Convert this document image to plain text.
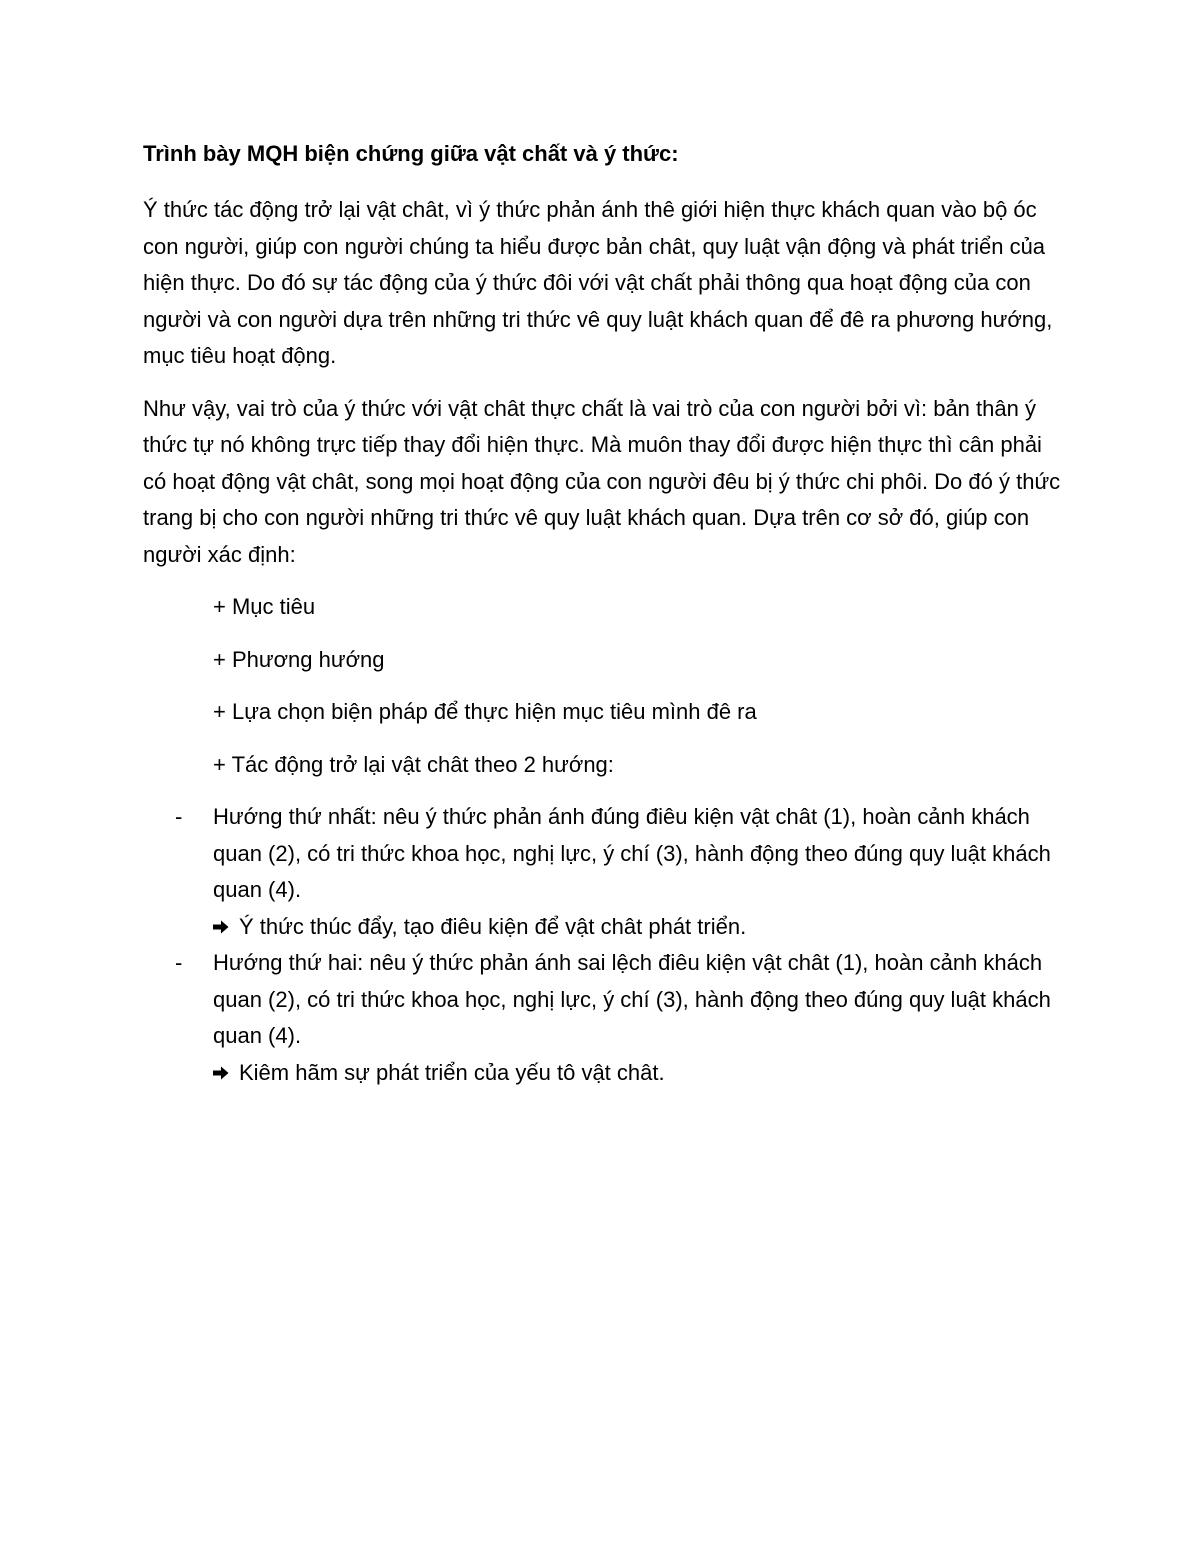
Trình bày MQH biện chứng giữa vật chất và ý thức:

Ý thức tác động trở lại vật chât, vì ý thức phản ánh thê giới hiện thực khách quan vào bộ óc con người, giúp con người chúng ta hiểu được bản chât, quy luật vận động và phát triển của hiện thực. Do đó sự tác động của ý thức đôi với vật chất phải thông qua hoạt động của con người và con người dựa trên những tri thức vê quy luật khách quan để đê ra phương hướng, mục tiêu hoạt động.

Như vậy, vai trò của ý thức với vật chât thực chất là vai trò của con người bởi vì: bản thân ý thức tự nó không trực tiếp thay đổi hiện thực. Mà muôn thay đổi được hiện thực thì cân phải có hoạt động vật chât, song mọi hoạt động của con người đêu bị ý thức chi phôi. Do đó ý thức trang bị cho con người những tri thức vê quy luật khách quan. Dựa trên cơ sở đó, giúp con người xác định:

+ Mục tiêu
+ Phương hướng
+ Lựa chọn biện pháp để thực hiện mục tiêu mình đê ra
+ Tác động trở lại vật chât theo 2 hướng:
- Hướng thứ nhất: nêu ý thức phản ánh đúng điêu kiện vật chât (1), hoàn cảnh khách quan (2), có tri thức khoa học, nghị lực, ý chí (3), hành động theo đúng quy luật khách quan (4).
Ý thức thúc đẩy, tạo điêu kiện để vật chât phát triển.
- Hướng thứ hai: nêu ý thức phản ánh sai lệch điêu kiện vật chât (1), hoàn cảnh khách quan (2), có tri thức khoa học, nghị lực, ý chí (3), hành động theo đúng quy luật khách quan (4).
Kiêm hãm sự phát triển của yếu tô vật chât.
